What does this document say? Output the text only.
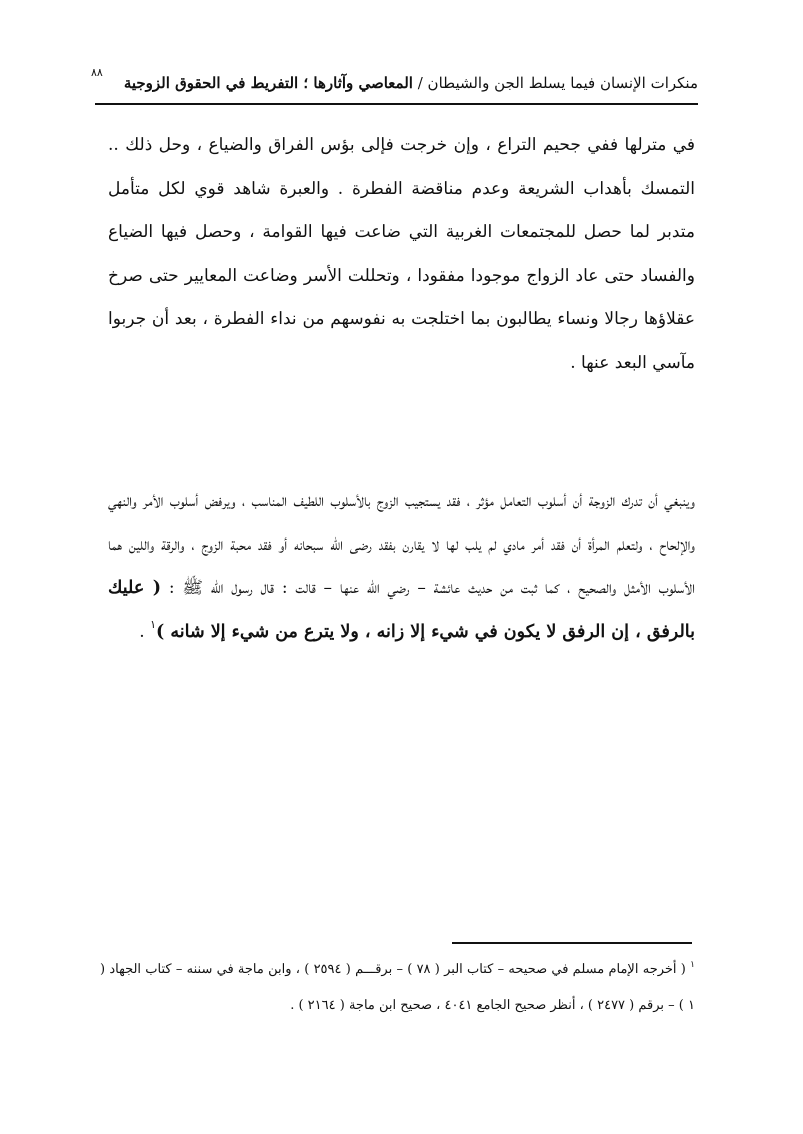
منكرات الإنسان فيما يسلط الجن والشيطان / المعاصي وآثارها ؛ التفريط في الحقوق الزوجية
٨٨

في مترلها ففي جحيم التراع ، وإن خرجت فإلى بؤس الفراق والضياع ، وحل ذلك .. التمسك بأهداب الشريعة وعدم مناقضة الفطرة . والعبرة شاهد قوي لكل متأمل متدبر لما حصل للمجتمعات الغربية التي ضاعت فيها القوامة ، وحصل فيها الضياع والفساد حتى عاد الزواج موجودا مفقودا ، وتحللت الأسر وضاعت المعايير حتى صرخ عقلاؤها رجالا ونساء يطالبون بما اختلجت به نفوسهم من نداء الفطرة ، بعد أن جربوا مآسي البعد عنها .

وينبغي أن تدرك الزوجة أن أسلوب التعامل مؤثر ، فقد يستجيب الزوج بالأسلوب اللطيف المناسب ، ويرفض أسلوب الأمر والنهي والإلحاح ، ولتعلم المرأة أن فقد أمر مادي لم يلب لها لا يقارن بفقد رضى الله سبحانه أو فقد محبة الزوج ، والرقة واللين هما الأسلوب الأمثل والصحيح ، كما ثبت من حديث عائشة – رضي الله عنها – قالت : قال رسول الله ﷺ : ( عليك بالرفق ، إن الرفق لا يكون في شيء إلا زانه ، ولا يترع من شيء إلا شانه )$^١$ .

$^١$ ( أخرجه الإمام مسلم في صحيحه – كتاب البر ( ٧٨ ) – برقـــم ( ٢٥٩٤ ) ، وابن ماجة في سننه – كتاب الجهاد ( ١ ) – برقم ( ٢٤٧٧ ) ، أنظر صحيح الجامع ٤٠٤١ ، صحيح ابن ماجة ( ٢١٦٤ ) .
